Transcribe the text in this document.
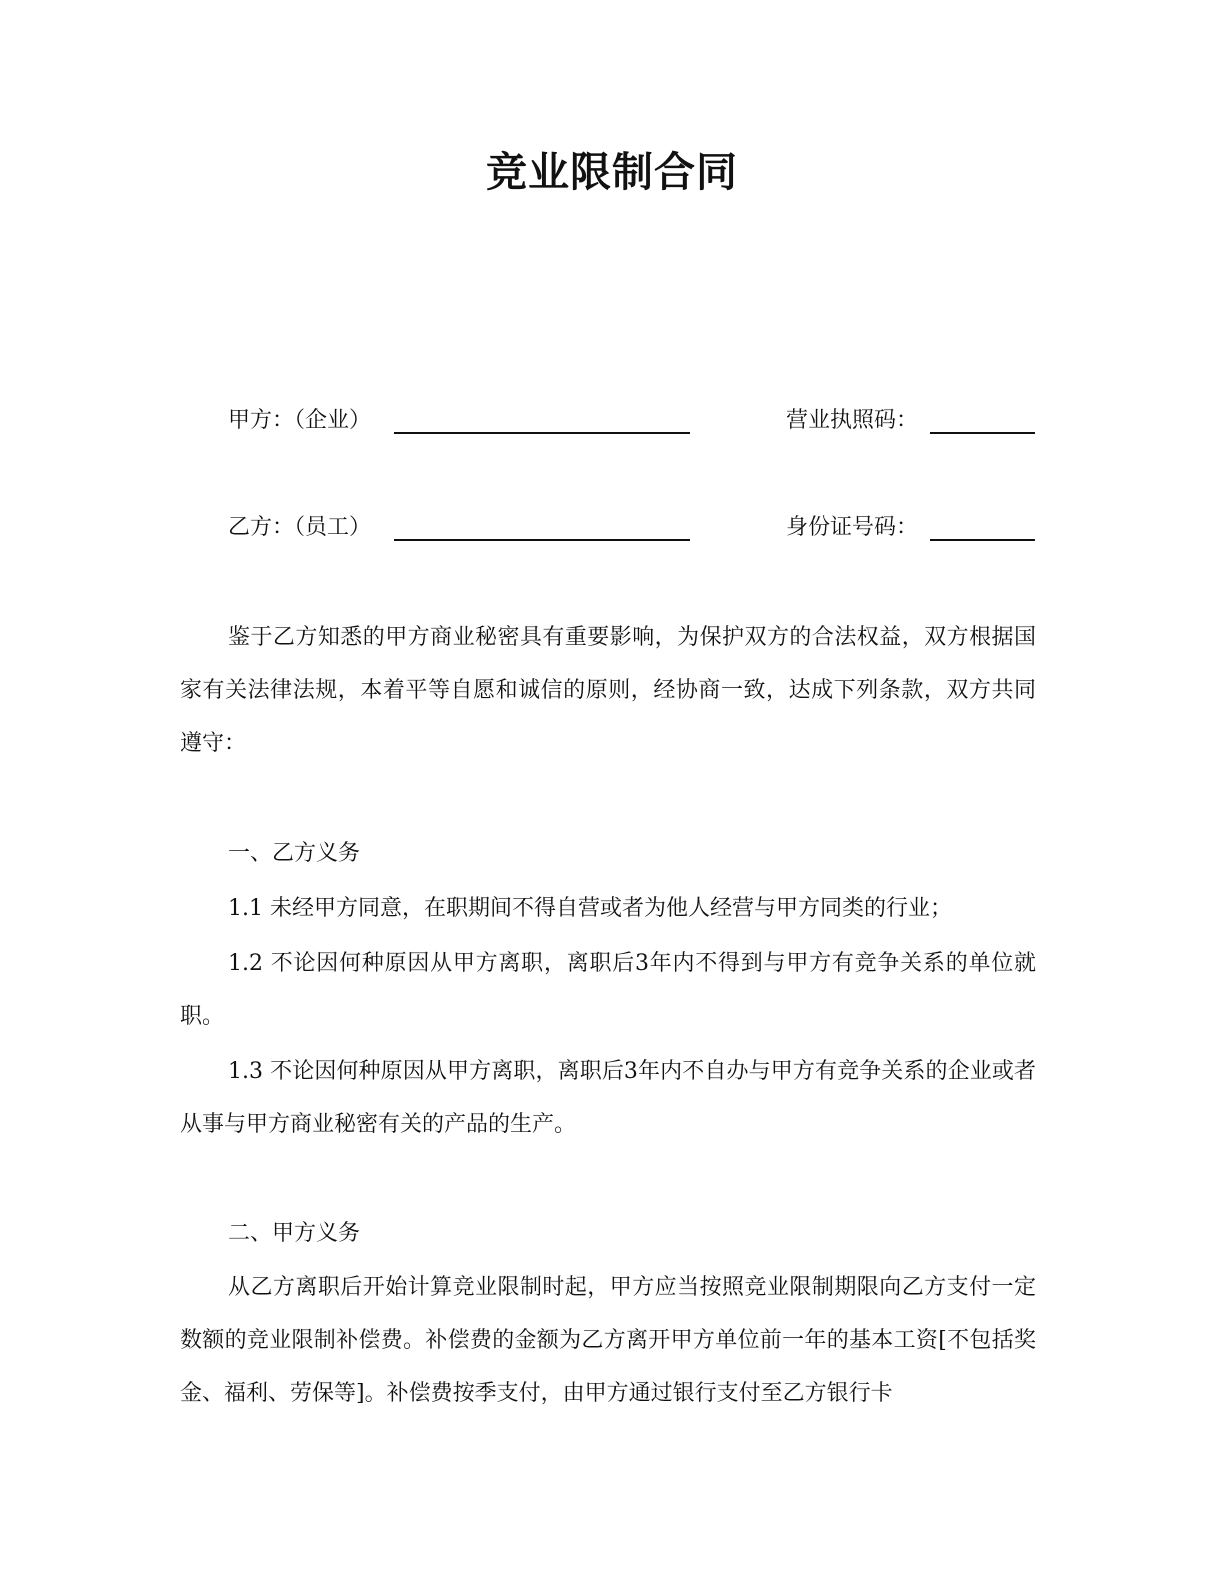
竞业限制合同
甲方：（企业）	营业执照码：
乙方：（员工）	身份证号码：

鉴于乙方知悉的甲方商业秘密具有重要影响，为保护双方的合法权益，双方根据国家有关法律法规，本着平等自愿和诚信的原则，经协商一致，达成下列条款，双方共同遵守：

一、乙方义务

1.1 未经甲方同意，在职期间不得自营或者为他人经营与甲方同类的行业；

1.2 不论因何种原因从甲方离职，离职后3年内不得到与甲方有竞争关系的单位就职。

1.3 不论因何种原因从甲方离职，离职后3年内不自办与甲方有竞争关系的企业或者从事与甲方商业秘密有关的产品的生产。

二、甲方义务

从乙方离职后开始计算竞业限制时起，甲方应当按照竞业限制期限向乙方支付一定数额的竞业限制补偿费。补偿费的金额为乙方离开甲方单位前一年的基本工资[不包括奖金、福利、劳保等]。补偿费按季支付，由甲方通过银行支付至乙方银行卡
